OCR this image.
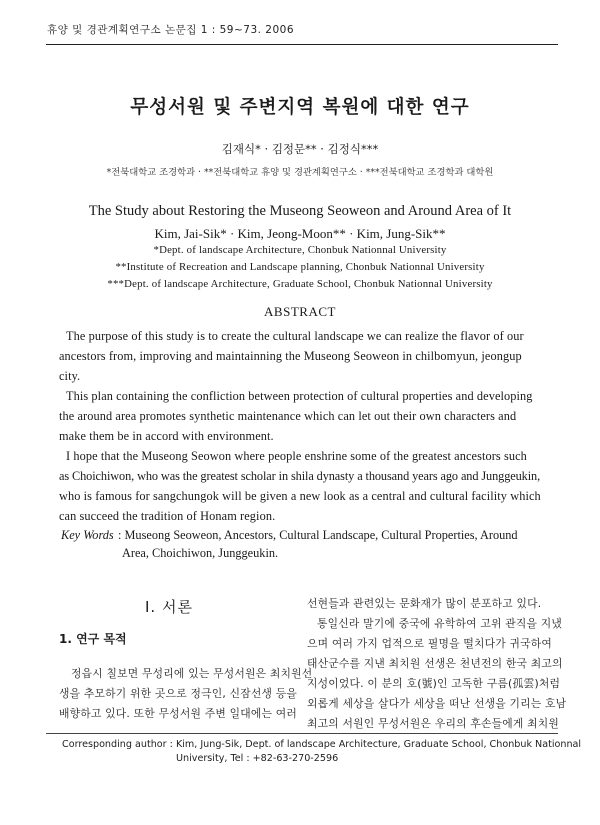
휴양 및 경관계획연구소 논문집 1 : 59~73. 2006
무성서원 및 주변지역 복원에 대한 연구
김재식* · 김정문** · 김정식***
*전북대학교 조경학과 · **전북대학교 휴양 및 경관계획연구소 · ***전북대학교 조경학과 대학원
The Study about Restoring the Museong Seoweon and Around Area of It
Kim, Jai-Sik* · Kim, Jeong-Moon** · Kim, Jung-Sik**
*Dept. of landscape Architecture, Chonbuk Nationnal University
**Institute of Recreation and Landscape planning, Chonbuk Nationnal University
***Dept. of landscape Architecture, Graduate School, Chonbuk Nationnal University
ABSTRACT
The purpose of this study is to create the cultural landscape we can realize the flavor of our
ancestors from, improving and maintainning the Museong Seoweon in chilbomyun, jeongup
city.
This plan containing the confliction between protection of cultural properties and developing
the around area promotes synthetic maintenance which can let out their own characters and
make them be in accord with environment.
I hope that the Museong Seowon where people enshrine some of the greatest ancestors such
as Choichiwon, who was the greatest scholar in shila dynasty a thousand years ago and Junggeukin,
who is famous for sangchungok will be given a new look as a central and cultural facility which
can succeed the tradition of Honam region.
Key Words : Museong Seoweon, Ancestors, Cultural Landscape, Cultural Properties, Around
Area, Choichiwon, Junggeukin.
Ⅰ. 서론
1. 연구 목적
정읍시 칠보면 무성리에 있는 무성서원은 최치원선
생을 추모하기 위한 곳으로 정극인, 신잠선생 등을
배향하고 있다. 또한 무성서원 주변 일대에는 여러
선현들과 관련있는 문화재가 많이 분포하고 있다.
통일신라 말기에 중국에 유학하여 고위 관직을 지냈
으며 여러 가지 업적으로 필명을 떨치다가 귀국하여
태산군수를 지낸 최치원 선생은 천년전의 한국 최고의
지성이었다. 이 분의 호(號)인 고독한 구름(孤雲)처럼
외롭게 세상을 살다가 세상을 떠난 선생을 기리는 호남
최고의 서원인 무성서원은 우리의 후손들에게 최치원
Corresponding author : Kim, Jung-Sik, Dept. of landscape Architecture, Graduate School, Chonbuk Nationnal
University, Tel : +82-63-270-2596
